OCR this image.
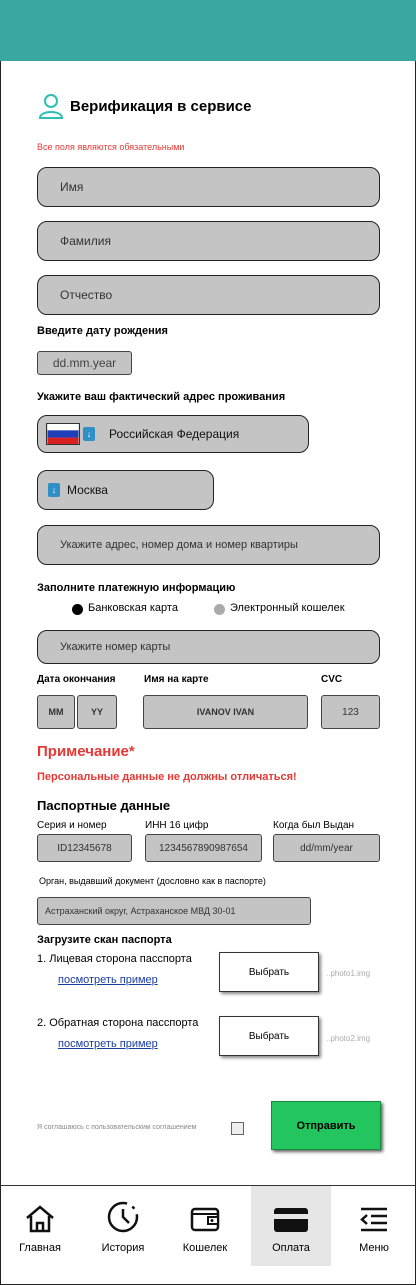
Верификация в сервисе
Все поля являются обязательными
Имя
Фамилия
Отчество
Введите дату рождения
dd.mm.year
Укажите ваш фактический адрес проживания
↓	Российская Федерация
↓ Москва
Укажите адрес, номер дома и номер квартиры
Заполните платежную информацию
Банковская карта	Электронный кошелек
Укажите номер карты
Дата окончания	Имя на карте	CVC
MM	YY	IVANOV IVAN	123
Примечание*
Персональные данные не должны отличаться!
Паспортные данные
Серия и номер	ИНН 16 цифр	Когда был Выдан
ID12345678	1234567890987654	dd/mm/year
Орган, выдавший документ (дословно как в паспорте)
Астраханский округ, Астраханское МВД 30-01
Загрузите скан паспорта
1. Лицевая сторона пасспорта
посмотреть пример
Выбрать	..photo1.img
2. Обратная сторона пасспорта
посмотреть пример
Выбрать	..photo2.img
Я соглашаюсь с пользовательским соглашением	Отправить
Главная	История	Кошелек	Оплата	Меню
